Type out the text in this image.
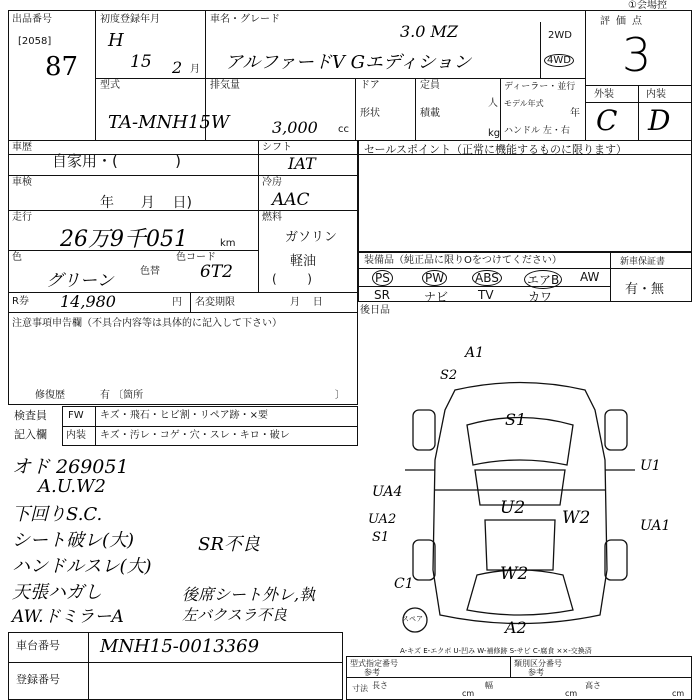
出品番号
[2058]
87
初度登録年月
H
15 2 月
車名・グレード
3.0 MZ
アルファードV Gエディション
2WD
4WD
評価点
3
①会場控
型式
TA-MNH15W
排気量
3,000 cc
ドア	定員
人
形状	積載
kg
ディーラー・並行
モデル年式
年
ハンドル 左・右
外装	内装
C D
車歴
自家用・(            )
シフト
IAT
セールスポイント（正常に機能するものに限ります）
車検
年      月    日)
冷房
AAC
走行
26万9千051	km
燃料
ガソリン
軽油
(        )
色
グリーン	色替
色コード
6T2
装備品（純正品に限りOをつけてください）	新車保証書
有・無
PS	PW	ABS エアB AW
SR	ナビ TV	カワ
後日品
R券 14,980	円 名変期限	月    日
注意事項申告欄（不具合内容等は具体的に記入して下さい）
修復歴	有 〔箇所	〕
検査員
記入欄
FW キズ・飛石・ヒビ割・リペア跡・×要
内装 キズ・汚レ・コゲ・穴・スレ・キロ・破レ
オド 269051
A.U.W2
下回りS.C.
シート破レ(大)
ハンドルスレ(大)
天張ハガし
AW.ドミラーA
SR不良
後席シート外レ,執
左バクスラ不良
A1
S2
S1
U1
UA4
U2 W2
UA2
S1
UA1
W2
C1
スペア	A2
A-キズ E-エクボ U-凹み W-補修跡 S-サビ C-腐食 ××-交換済
型式指定番号
参考
類別区分番号
参考
寸法 長さ
cm
幅
cm
高さ
cm
車台番号 MNH15-0013369
登録番号
